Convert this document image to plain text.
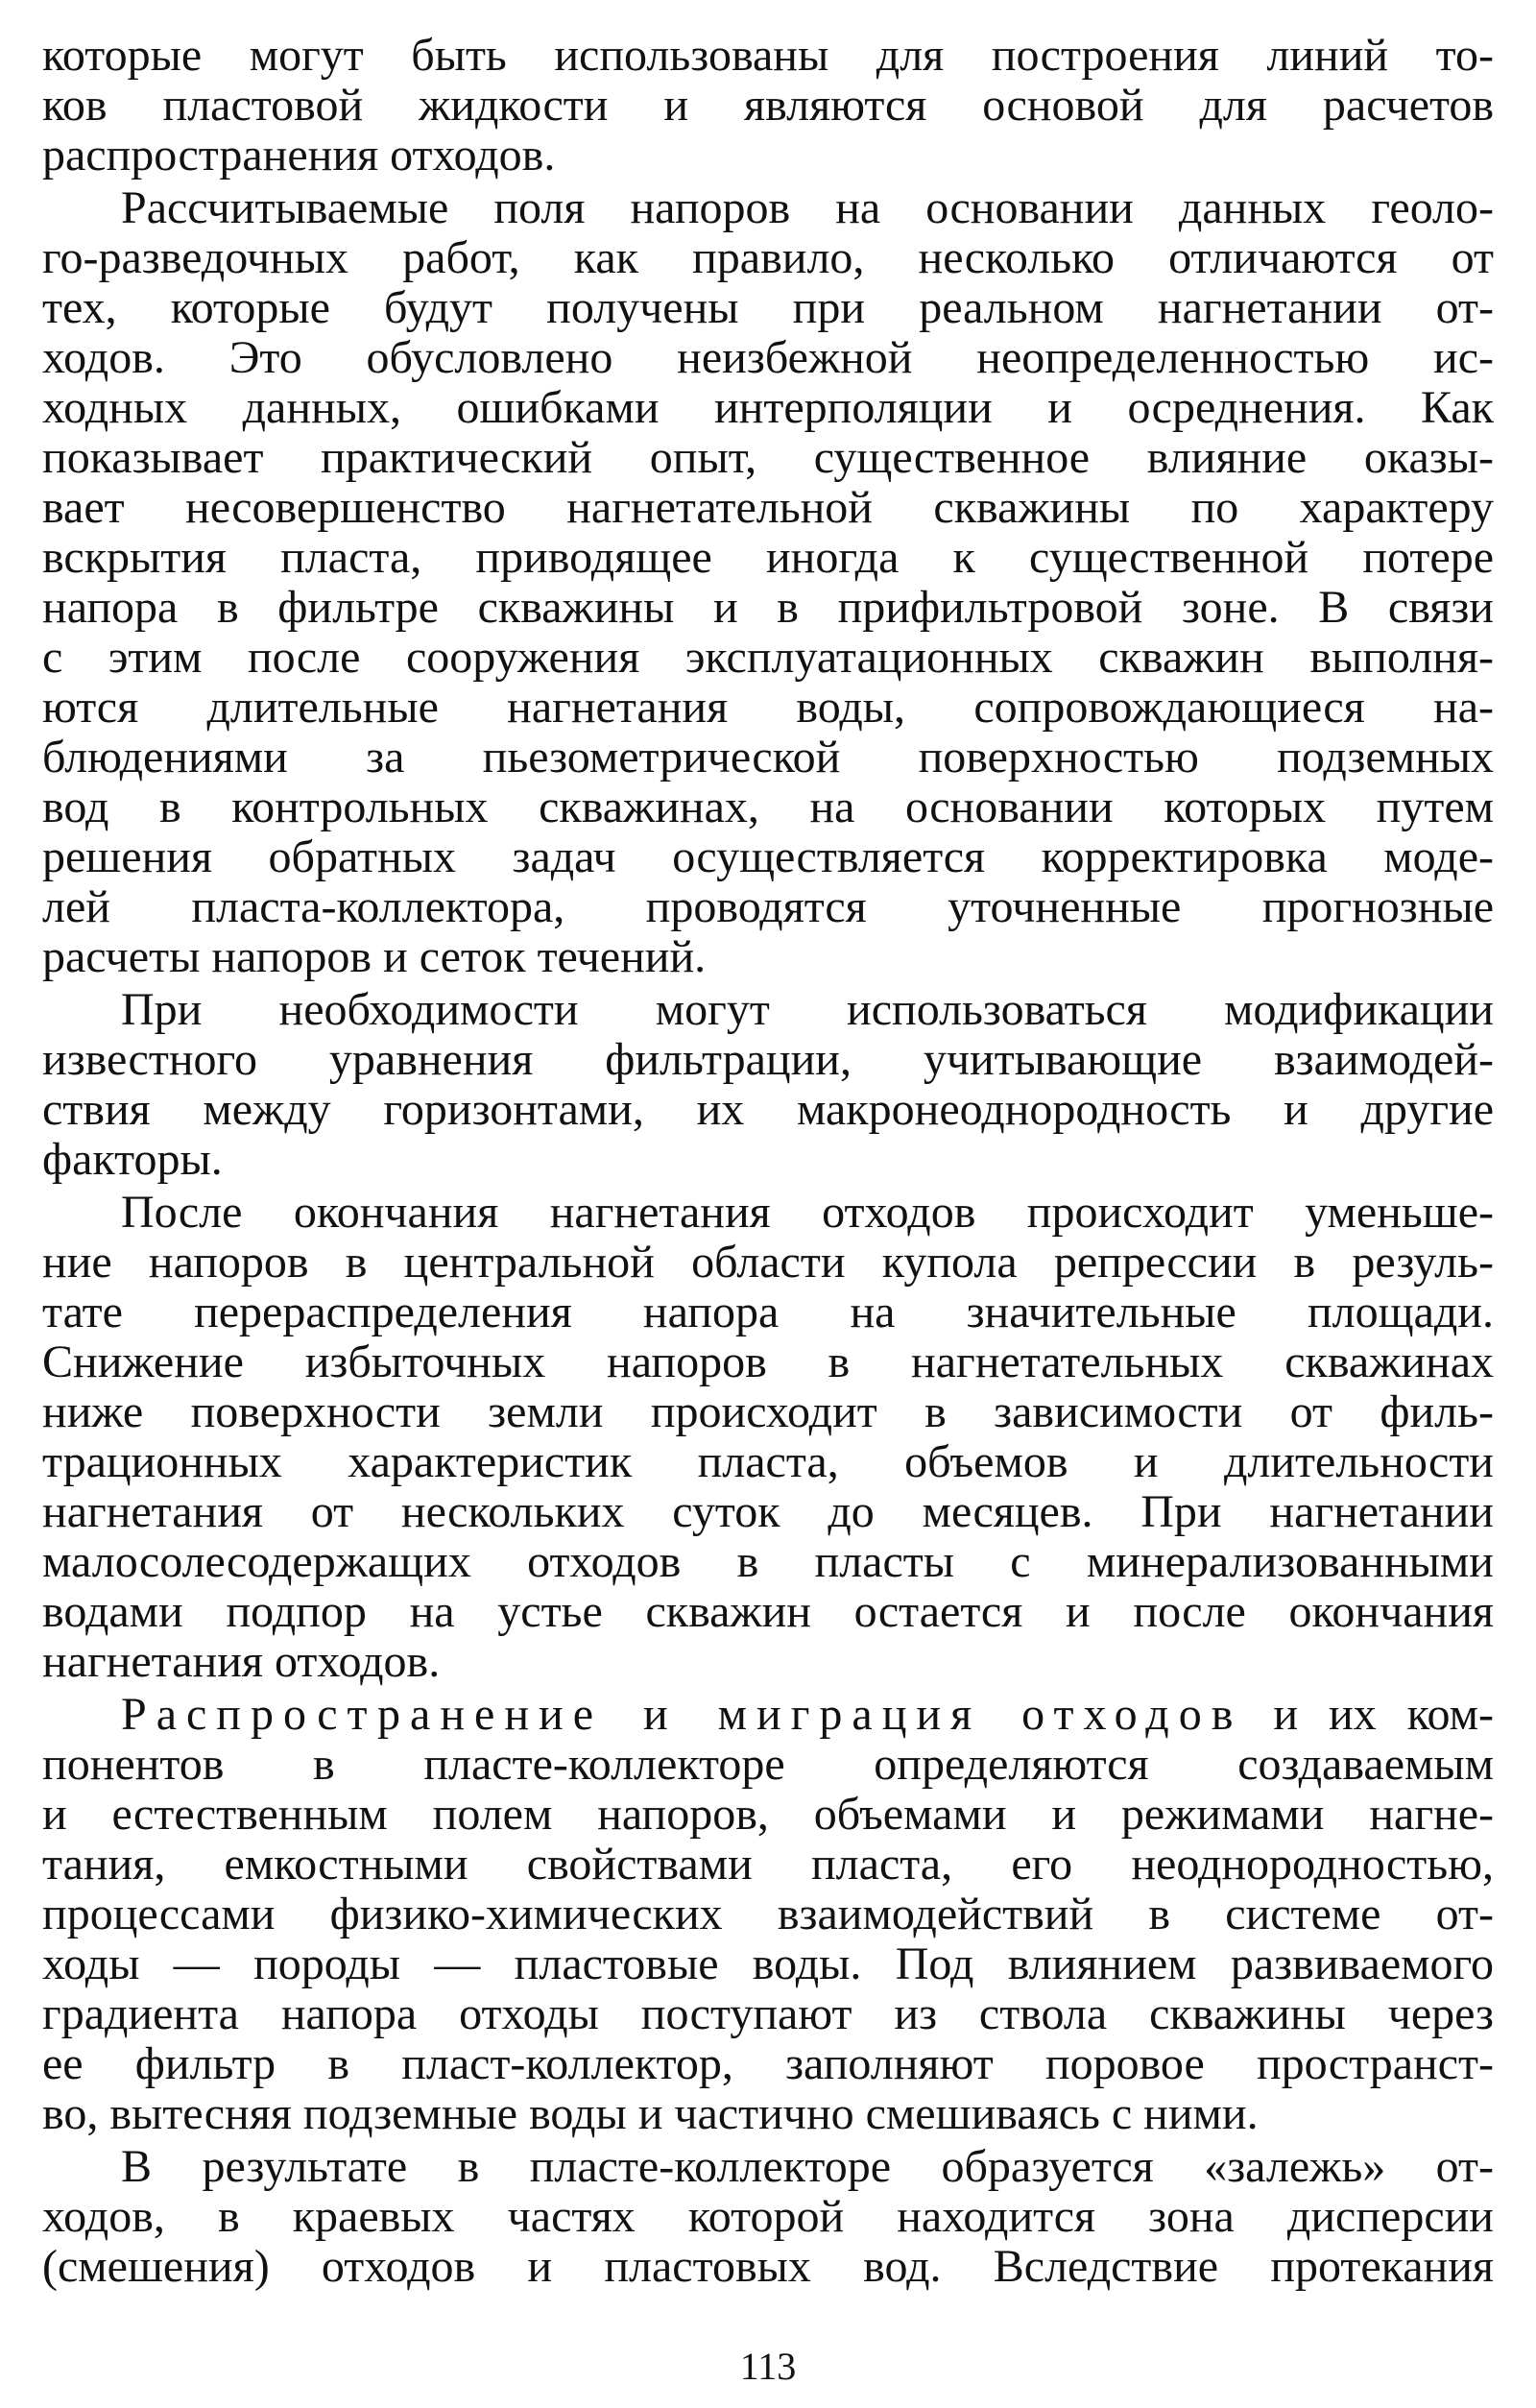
которые могут быть использованы для построения линий то-
ков пластовой жидкости и являются основой для расчетов
распространения отходов.
Рассчитываемые поля напоров на основании данных геоло-
го-разведочных работ, как правило, несколько отличаются от
тех, которые будут получены при реальном нагнетании от-
ходов. Это обусловлено неизбежной неопределенностью ис-
ходных данных, ошибками интерполяции и осреднения. Как
показывает практический опыт, существенное влияние оказы-
вает несовершенство нагнетательной скважины по характеру
вскрытия пласта, приводящее иногда к существенной потере
напора в фильтре скважины и в прифильтровой зоне. В связи
с этим после сооружения эксплуатационных скважин выполня-
ются длительные нагнетания воды, сопровождающиеся на-
блюдениями за пьезометрической поверхностью подземных
вод в контрольных скважинах, на основании которых путем
решения обратных задач осуществляется корректировка моде-
лей пласта-коллектора, проводятся уточненные прогнозные
расчеты напоров и сеток течений.
При необходимости могут использоваться модификации
известного уравнения фильтрации, учитывающие взаимодей-
ствия между горизонтами, их макронеоднородность и другие
факторы.
После окончания нагнетания отходов происходит уменьше-
ние напоров в центральной области купола репрессии в резуль-
тате перераспределения напора на значительные площади.
Снижение избыточных напоров в нагнетательных скважинах
ниже поверхности земли происходит в зависимости от филь-
трационных характеристик пласта, объемов и длительности
нагнетания от нескольких суток до месяцев. При нагнетании
малосолесодержащих отходов в пласты с минерализованными
водами подпор на устье скважин остается и после окончания
нагнетания отходов.
Распространение и миграция отходов и их ком-
понентов в пласте-коллекторе определяются создаваемым
и естественным полем напоров, объемами и режимами нагне-
тания, емкостными свойствами пласта, его неоднородностью,
процессами физико-химических взаимодействий в системе от-
ходы — породы — пластовые воды. Под влиянием развиваемого
градиента напора отходы поступают из ствола скважины через
ее фильтр в пласт-коллектор, заполняют поровое пространст-
во, вытесняя подземные воды и частично смешиваясь с ними.
В результате в пласте-коллекторе образуется «залежь» от-
ходов, в краевых частях которой находится зона дисперсии
(смешения) отходов и пластовых вод. Вследствие протекания
113
